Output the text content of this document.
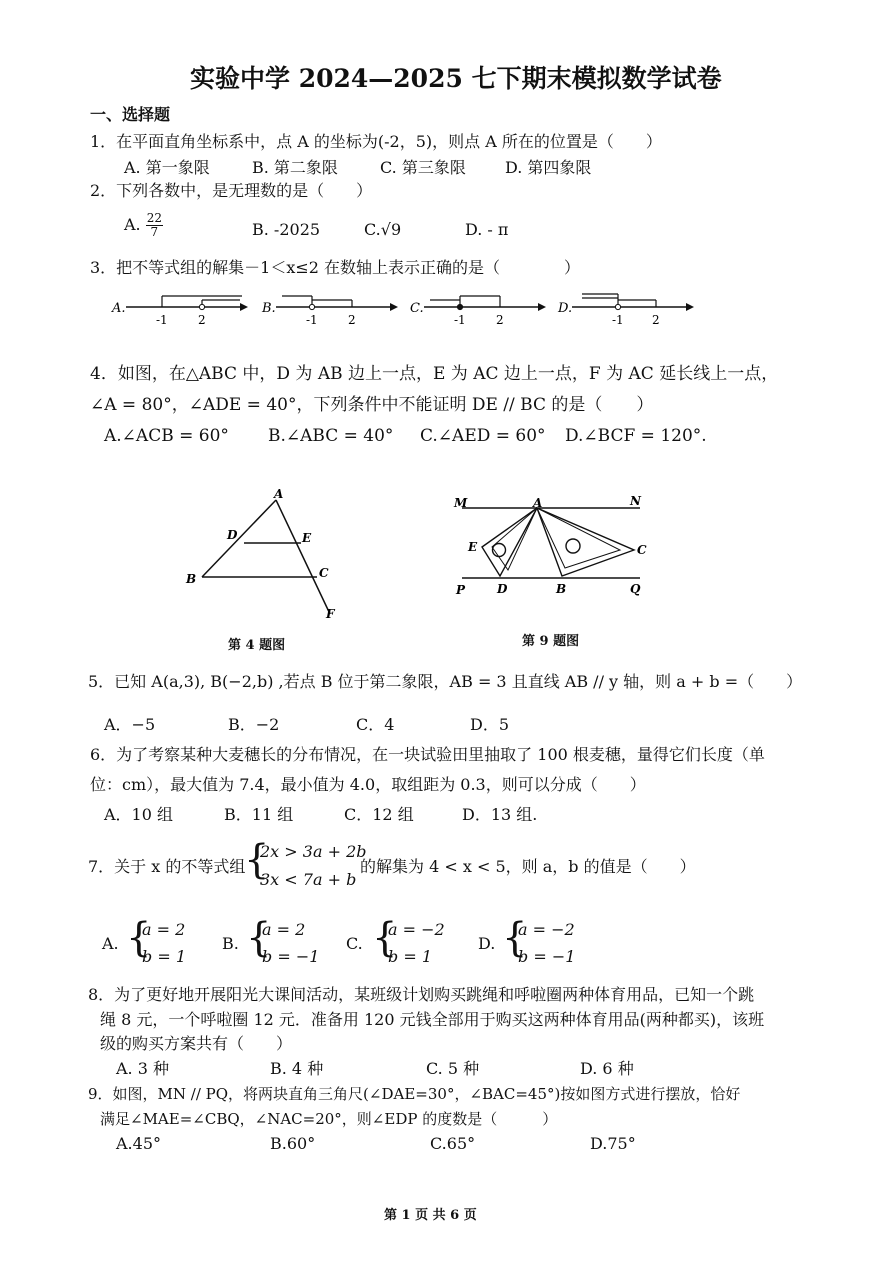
实验中学 2024—2025 七下期末模拟数学试卷
一、选择题
1．在平面直角坐标系中，点 A 的坐标为(-2，5)，则点 A 所在的位置是（　　）
A. 第一象限	B. 第二象限	C. 第三象限 D. 第四象限
2．下列各数中，是无理数的是（　　）
A. $\frac{22}{7}$	B. -2025	C.√9	D. - π
3．把不等式组的解集－1＜x≤2 在数轴上表示正确的是（　　　　）
A.
-1	2
B.
-1	2
C.
-1	2
D.
-1 2
4．如图，在△ABC 中，D 为 AB 边上一点，E 为 AC 边上一点，F 为 AC 延长线上一点，
∠A = 80°，∠ADE = 40°，下列条件中不能证明 DE // BC 的是（　　）
A.∠ACB = 60° B.∠ABC = 40° C.∠AED = 60° D.∠BCF = 120°.
A
D	E
B	C
F
第 4 题图
M	A	N
E	C
P	D	B	Q
第 9 题图
5．已知 A(a,3), B(−2,b) ,若点 B 位于第二象限，AB = 3 且直线 AB // y 轴，则 a + b =（　　）
A．−5	B．−2	C．4	D．5
6．为了考察某种大麦穗长的分布情况，在一块试验田里抽取了 100 根麦穗，量得它们长度（单
位：cm），最大值为 7.4，最小值为 4.0，取组距为 0.3，则可以分成（　　）
A．10 组	B．11 组	C．12 组	D．13 组.
7．关于 x 的不等式组
{
2x > 3a + 2b
3x < 7a + b
的解集为 4 < x < 5，则 a，b 的值是（　　）
A. {
a = 2
b = 1
B. {
a = 2
b = −1
C. {
a = −2
b = 1
D. {
a = −2
b = −1
8．为了更好地开展阳光大课间活动，某班级计划购买跳绳和呼啦圈两种体育用品，已知一个跳
绳 8 元，一个呼啦圈 12 元．准备用 120 元钱全部用于购买这两种体育用品(两种都买)，该班
级的购买方案共有（　　）
A. 3 种	B. 4 种	C. 5 种	D. 6 种
9．如图，MN // PQ，将两块直角三角尺(∠DAE=30°，∠BAC=45°)按如图方式进行摆放，恰好
满足∠MAE=∠CBQ，∠NAC=20°，则∠EDP 的度数是（　　　）
A.45°	B.60°	C.65°	D.75°
第 1 页 共 6 页
